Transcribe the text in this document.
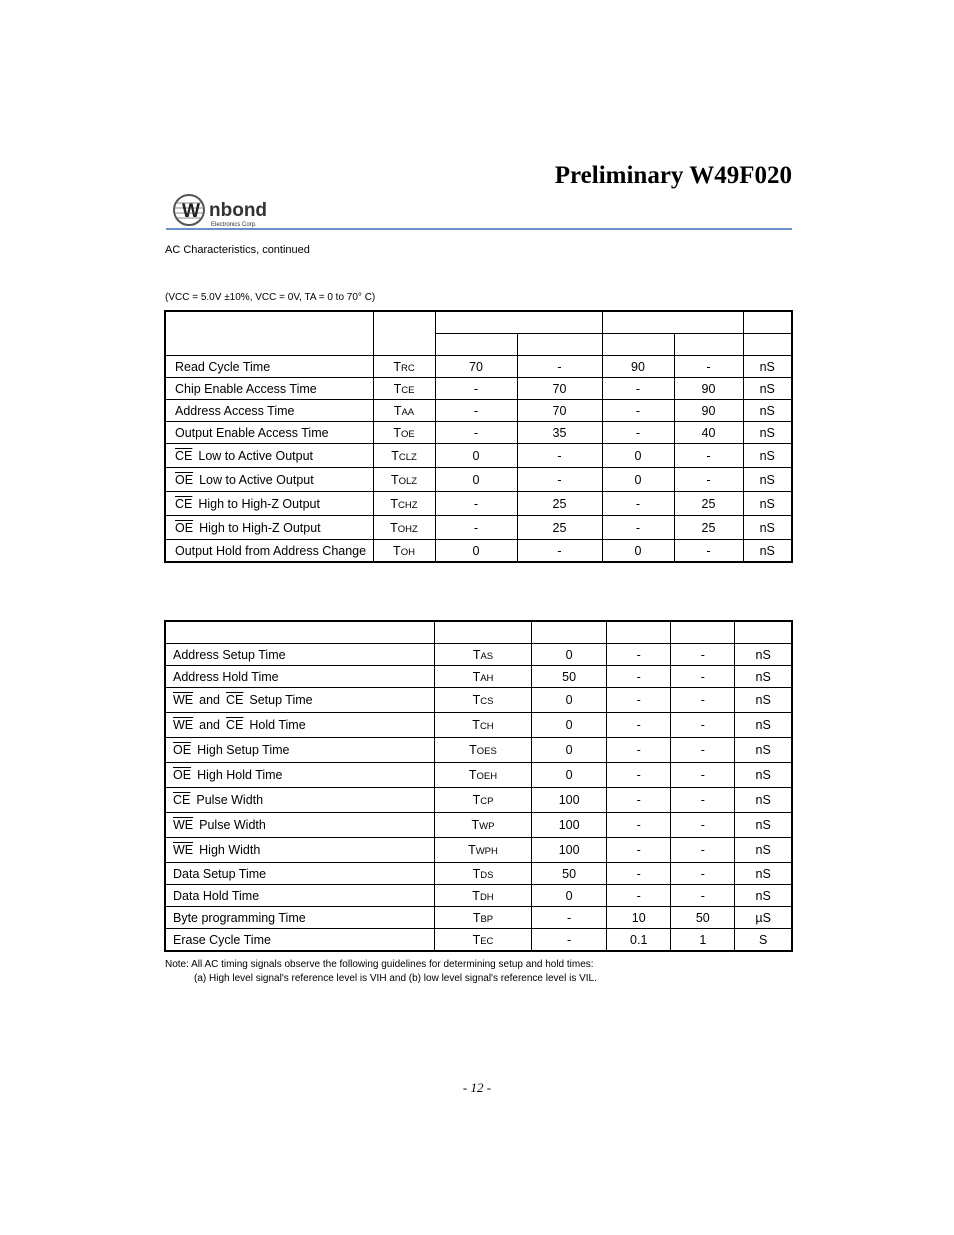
Preliminary W49F020
W nbond
Electronics Corp.
AC Characteristics, continued
(VCC = 5.0V ±10%, VCC = 0V, TA = 0 to 70° C)

Read Cycle Time	TRC	70	-	90	-	nS
Chip Enable Access Time	TCE	-	70	-	90	nS
Address Access Time	TAA	-	70	-	90	nS
Output Enable Access Time	TOE	-	35	-	40	nS
$\overline{CE}$ Low to Active Output	TCLZ	0	-	0	-	nS
$\overline{OE}$ Low to Active Output	TOLZ	0	-	0	-	nS
$\overline{CE}$ High to High-Z Output	TCHZ	-	25	-	25	nS
$\overline{OE}$ High to High-Z Output	TOHZ	-	25	-	25	nS
Output Hold from Address Change	TOH	0	-	0	-	nS

Address Setup Time	TAS	0	-	-	nS
Address Hold Time	TAH	50	-	-	nS
$\overline{WE}$ and $\overline{CE}$ Setup Time	TCS	0	-	-	nS
$\overline{WE}$ and $\overline{CE}$ Hold Time	TCH	0	-	-	nS
$\overline{OE}$ High Setup Time	TOES	0	-	-	nS
$\overline{OE}$ High Hold Time	TOEH	0	-	-	nS
$\overline{CE}$ Pulse Width	TCP	100	-	-	nS
$\overline{WE}$ Pulse Width	TWP	100	-	-	nS
$\overline{WE}$ High Width	TWPH	100	-	-	nS
Data Setup Time	TDS	50	-	-	nS
Data Hold Time	TDH	0	-	-	nS
Byte programming Time	TBP	-	10	50	µS
Erase Cycle Time	TEC	-	0.1	1	S
Note: All AC timing signals observe the following guidelines for determining setup and hold times:
(a) High level signal's reference level is VIH and (b) low level signal's reference level is VIL.
- 12 -
